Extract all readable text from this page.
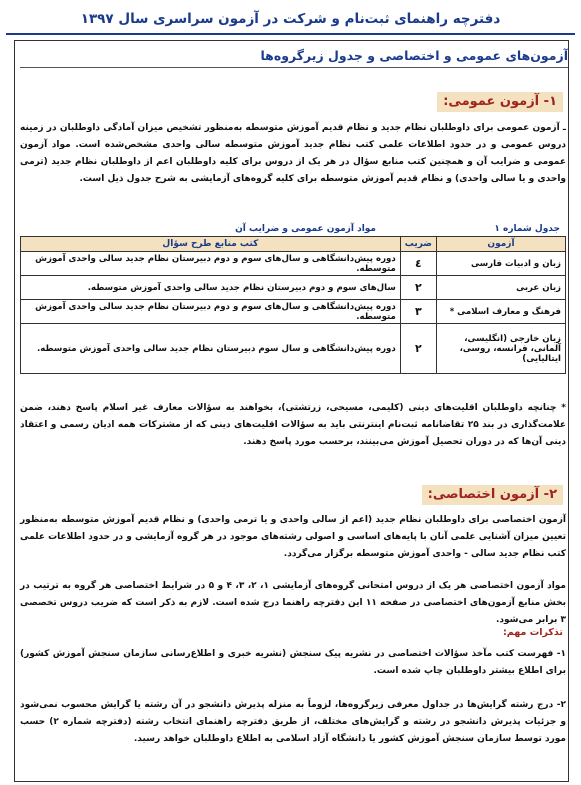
دفترچه راهنمای ثبت‌نام و شرکت در آزمون سراسری سال ۱۳۹۷
آزمون‌های عمومی و اختصاصی و جدول زیرگروه‌ها
۱- آزمون عمومی:
ـ آزمون عمومی برای داوطلبان نظام جدید و نظام قدیم آموزش متوسطه به‌منظور تشخیص میزان آمادگی داوطلبان در زمینه دروس عمومی و در حدود اطلاعات علمی کتب نظام جدید آموزش متوسطه سالی واحدی مشخص‌شده است. مواد آزمون عمومی و ضرایب آن و همچنین کتب منابع سؤال در هر یک از دروس برای کلیه داوطلبان اعم از داوطلبان نظام جدید (ترمی واحدی و یا سالی واحدی) و نظام قدیم آموزش متوسطه برای کلیه گروه‌های آزمایشی به شرح جدول ذیل است.
جدول شماره ۱
مواد آزمون عمومی و ضرایب آن
آزمون	ضریب	کتب منابع طرح سؤال
زبان و ادبیات فارسی	٤	دوره پیش‌دانشگاهی و سال‌های سوم و دوم دبیرستان نظام جدید سالی واحدی آموزش متوسطه.
زبان عربی	٢	سال‌های سوم و دوم دبیرستان نظام جدید سالی واحدی آموزش متوسطه.
فرهنگ و معارف اسلامی *	٣	دوره پیش‌دانشگاهی و سال‌های سوم و دوم دبیرستان نظام جدید سالی واحدی آموزش متوسطه.
زبان خارجی (انگلیسی، آلمانی، فرانسه، روسی، ایتالیایی)	٢	دوره پیش‌دانشگاهی و سال سوم دبیرستان نظام جدید سالی واحدی آموزش متوسطه.
* چنانچه داوطلبان اقلیت‌های دینی (کلیمی، مسیحی، زرتشتی)، بخواهند به سؤالات معارف غیر اسلام پاسخ دهند، ضمن علامت‌گذاری در بند ۲۵ تقاضانامه ثبت‌نام اینترنتی باید به سؤالات اقلیت‌های دینی که از مشترکات همه ادیان رسمی و اعتقاد دینی آن‌ها که در دوران تحصیل آموزش می‌بینند، برحسب مورد پاسخ دهند.
۲- آزمون اختصاصی:
آزمون اختصاصی برای داوطلبان نظام جدید (اعم از سالی واحدی و یا ترمی واحدی) و نظام قدیم آموزش متوسطه به‌منظور تعیین میزان آشنایی علمی آنان با پایه‌های اساسی و اصولی رشته‌های موجود در هر گروه آزمایشی و در حدود اطلاعات علمی کتب نظام جدید سالی - واحدی آموزش متوسطه برگزار می‌گردد.
مواد آزمون اختصاصی هر یک از دروس امتحانی گروه‌های آزمایشی ۱، ۲، ۳، ۴ و ۵ در شرایط اختصاصی هر گروه به ترتیب در بخش منابع آزمون‌های اختصاصی در صفحه ۱۱ این دفترچه راهنما درج شده است. لازم به ذکر است که ضریب دروس تخصصی ۳ برابر می‌شود.
تذکرات مهم:
۱- فهرست کتب مآخذ سؤالات اختصاصی در نشریه پیک سنجش (نشریه خبری و اطلاع‌رسانی سازمان سنجش آموزش کشور) برای اطلاع بیشتر داوطلبان چاپ شده است.
۲- درج رشته گرایش‌ها در جداول معرفی زیرگروه‌ها، لزوماً به منزله پذیرش دانشجو در آن رشته یا گرایش محسوب نمی‌شود و جزئیات پذیرش دانشجو در رشته و گرایش‌های مختلف، از طریق دفترچه راهنمای انتخاب رشته (دفترچه شماره ۲) حسب مورد توسط سازمان سنجش آموزش کشور یا دانشگاه آزاد اسلامی به اطلاع داوطلبان خواهد رسید.
